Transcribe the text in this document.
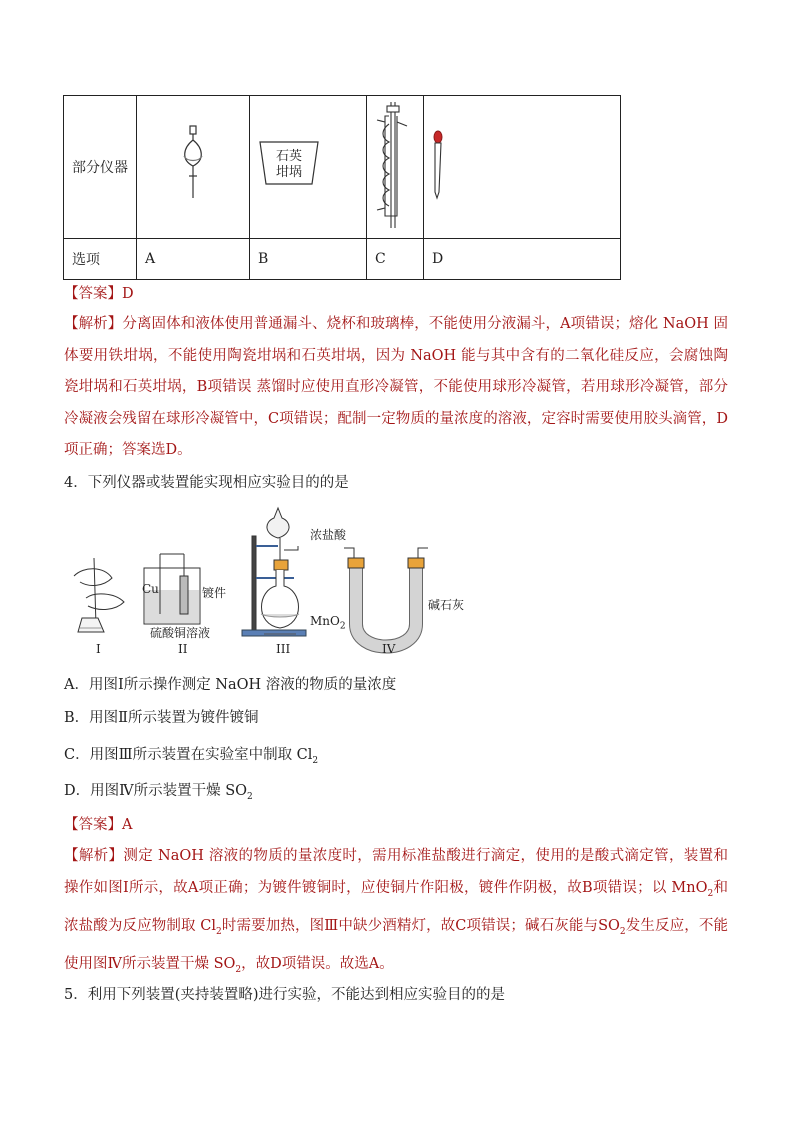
部分仪器		石英
坩埚

选项	A	B	C	D
【答案】D
【解析】分离固体和液体使用普通漏斗、烧杯和玻璃棒，不能使用分液漏斗，A项错误；熔化 NaOH 固体要用铁坩埚，不能使用陶瓷坩埚和石英坩埚，因为 NaOH 能与其中含有的二氧化硅反应，会腐蚀陶瓷坩埚和石英坩埚，B项错误 蒸馏时应使用直形冷凝管，不能使用球形冷凝管，若用球形冷凝管，部分冷凝液会残留在球形冷凝管中，C项错误；配制一定物质的量浓度的溶液，定容时需要使用胶头滴管，D项正确；答案选D。
4．下列仪器或装置能实现相应实验目的的是
Cu	镀件
硫酸铜溶液
浓盐酸
MnO$_2$
碱石灰
I	II	III	IV
A．用图Ⅰ所示操作测定 NaOH 溶液的物质的量浓度
B．用图Ⅱ所示装置为镀件镀铜
C．用图Ⅲ所示装置在实验室中制取 $Cl_2$
D．用图Ⅳ所示装置干燥 $SO_2$
【答案】A
【解析】测定 NaOH 溶液的物质的量浓度时，需用标准盐酸进行滴定，使用的是酸式滴定管，装置和操作如图Ⅰ所示，故A项正确；为镀件镀铜时，应使铜片作阳极，镀件作阴极，故B项错误；以 MnO$_2$和浓盐酸为反应物制取 $Cl_2$时需要加热，图Ⅲ中缺少酒精灯，故C项错误；碱石灰能与$SO_2$发生反应，不能使用图Ⅳ所示装置干燥 $SO_2$，故D项错误。故选A。
5．利用下列装置(夹持装置略)进行实验，不能达到相应实验目的的是
